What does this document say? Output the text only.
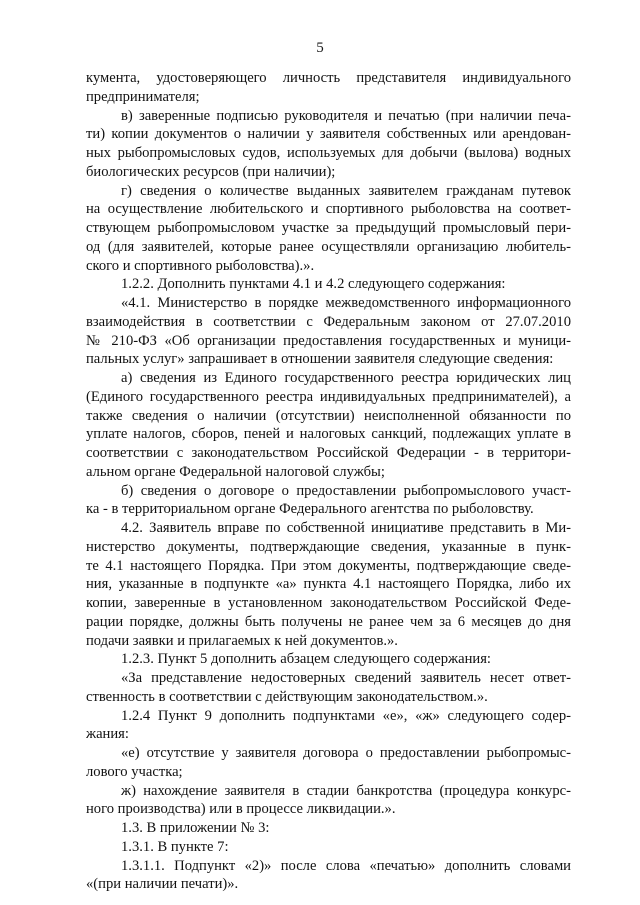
5
кумента, удостоверяющего личность представителя индивидуального
предпринимателя;
в) заверенные подписью руководителя и печатью (при наличии печа-
ти) копии документов о наличии у заявителя собственных или арендован-
ных рыбопромысловых судов, используемых для добычи (вылова) водных
биологических ресурсов (при наличии);
г) сведения о количестве выданных заявителем гражданам путевок
на осуществление любительского и спортивного рыболовства на соответ-
ствующем рыбопромысловом участке за предыдущий промысловый пери-
од (для заявителей, которые ранее осуществляли организацию любитель-
ского и спортивного рыболовства).».
1.2.2. Дополнить пунктами 4.1 и 4.2 следующего содержания:
«4.1. Министерство в порядке межведомственного информационного
взаимодействия в соответствии с Федеральным законом от 27.07.2010
№ 210-ФЗ «Об организации предоставления государственных и муници-
пальных услуг» запрашивает в отношении заявителя следующие сведения:
а) сведения из Единого государственного реестра юридических лиц
(Единого государственного реестра индивидуальных предпринимателей), а
также сведения о наличии (отсутствии) неисполненной обязанности по
уплате налогов, сборов, пеней и налоговых санкций, подлежащих уплате в
соответствии с законодательством Российской Федерации - в территори-
альном органе Федеральной налоговой службы;
б) сведения о договоре о предоставлении рыбопромыслового участ-
ка - в территориальном органе Федерального агентства по рыболовству.
4.2. Заявитель вправе по собственной инициативе представить в Ми-
нистерство документы, подтверждающие сведения, указанные в пунк-
те 4.1 настоящего Порядка. При этом документы, подтверждающие сведе-
ния, указанные в подпункте «а» пункта 4.1 настоящего Порядка, либо их
копии, заверенные в установленном законодательством Российской Феде-
рации порядке, должны быть получены не ранее чем за 6 месяцев до дня
подачи заявки и прилагаемых к ней документов.».
1.2.3. Пункт 5 дополнить абзацем следующего содержания:
«За представление недостоверных сведений заявитель несет ответ-
ственность в соответствии с действующим законодательством.».
1.2.4 Пункт 9 дополнить подпунктами «е», «ж» следующего содер-
жания:
«е) отсутствие у заявителя договора о предоставлении рыбопромыс-
лового участка;
ж) нахождение заявителя в стадии банкротства (процедура конкурс-
ного производства) или в процессе ликвидации.».
1.3. В приложении № 3:
1.3.1. В пункте 7:
1.3.1.1. Подпункт «2)» после слова «печатью» дополнить словами
«(при наличии печати)».
